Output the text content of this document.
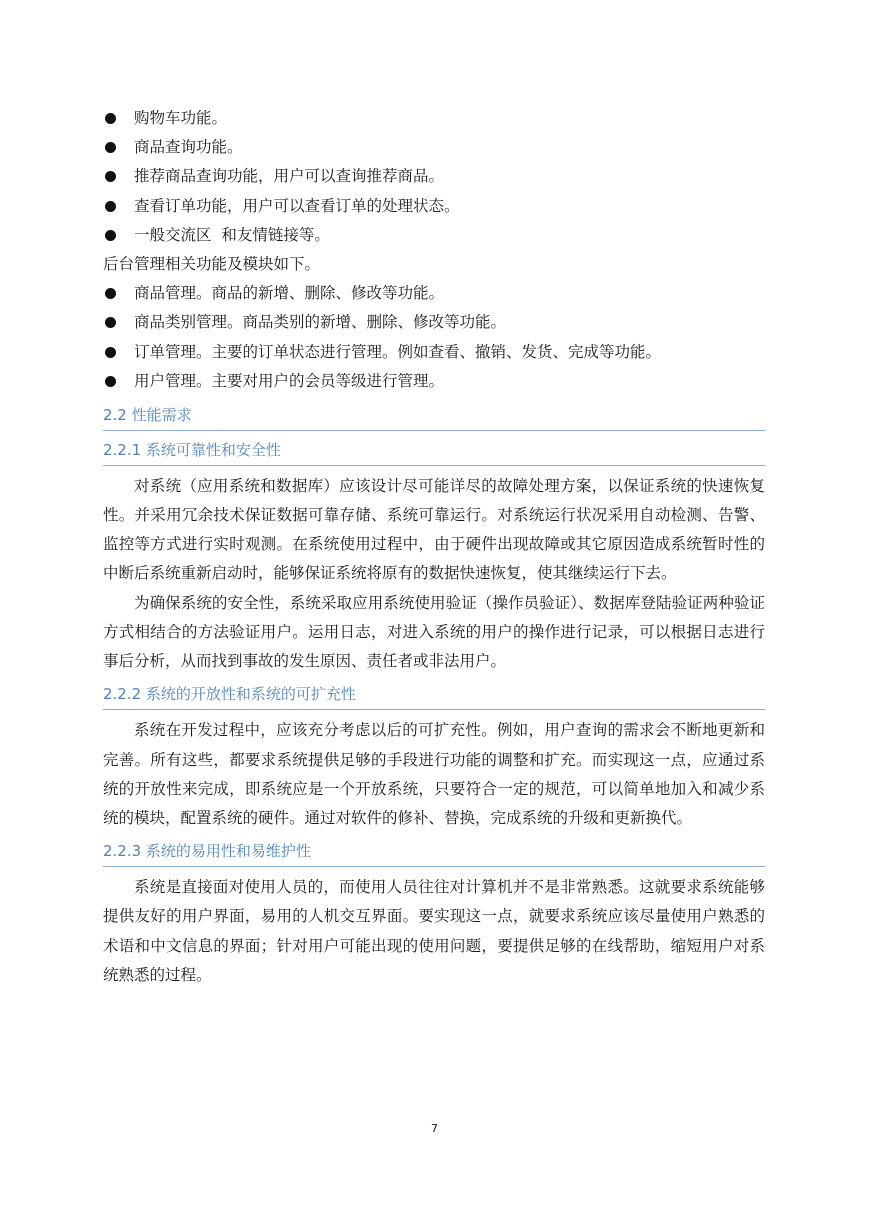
购物车功能。
商品查询功能。
推荐商品查询功能，用户可以查询推荐商品。
查看订单功能，用户可以查看订单的处理状态。
一般交流区  和友情链接等。
后台管理相关功能及模块如下。
商品管理。商品的新增、删除、修改等功能。
商品类别管理。商品类别的新增、删除、修改等功能。
订单管理。主要的订单状态进行管理。例如查看、撤销、发货、完成等功能。
用户管理。主要对用户的会员等级进行管理。
2.2 性能需求
2.2.1 系统可靠性和安全性

对系统（应用系统和数据库）应该设计尽可能详尽的故障处理方案，以保证系统的快速恢复性。并采用冗余技术保证数据可靠存储、系统可靠运行。对系统运行状况采用自动检测、告警、监控等方式进行实时观测。在系统使用过程中，由于硬件出现故障或其它原因造成系统暂时性的中断后系统重新启动时，能够保证系统将原有的数据快速恢复，使其继续运行下去。

为确保系统的安全性，系统采取应用系统使用验证（操作员验证）、数据库登陆验证两种验证方式相结合的方法验证用户。运用日志，对进入系统的用户的操作进行记录，可以根据日志进行事后分析，从而找到事故的发生原因、责任者或非法用户。

2.2.2 系统的开放性和系统的可扩充性

系统在开发过程中，应该充分考虑以后的可扩充性。例如，用户查询的需求会不断地更新和完善。所有这些，都要求系统提供足够的手段进行功能的调整和扩充。而实现这一点，应通过系统的开放性来完成，即系统应是一个开放系统，只要符合一定的规范，可以简单地加入和减少系统的模块，配置系统的硬件。通过对软件的修补、替换，完成系统的升级和更新换代。

2.2.3 系统的易用性和易维护性

系统是直接面对使用人员的，而使用人员往往对计算机并不是非常熟悉。这就要求系统能够提供友好的用户界面，易用的人机交互界面。要实现这一点，就要求系统应该尽量使用户熟悉的术语和中文信息的界面；针对用户可能出现的使用问题，要提供足够的在线帮助，缩短用户对系统熟悉的过程。

7
